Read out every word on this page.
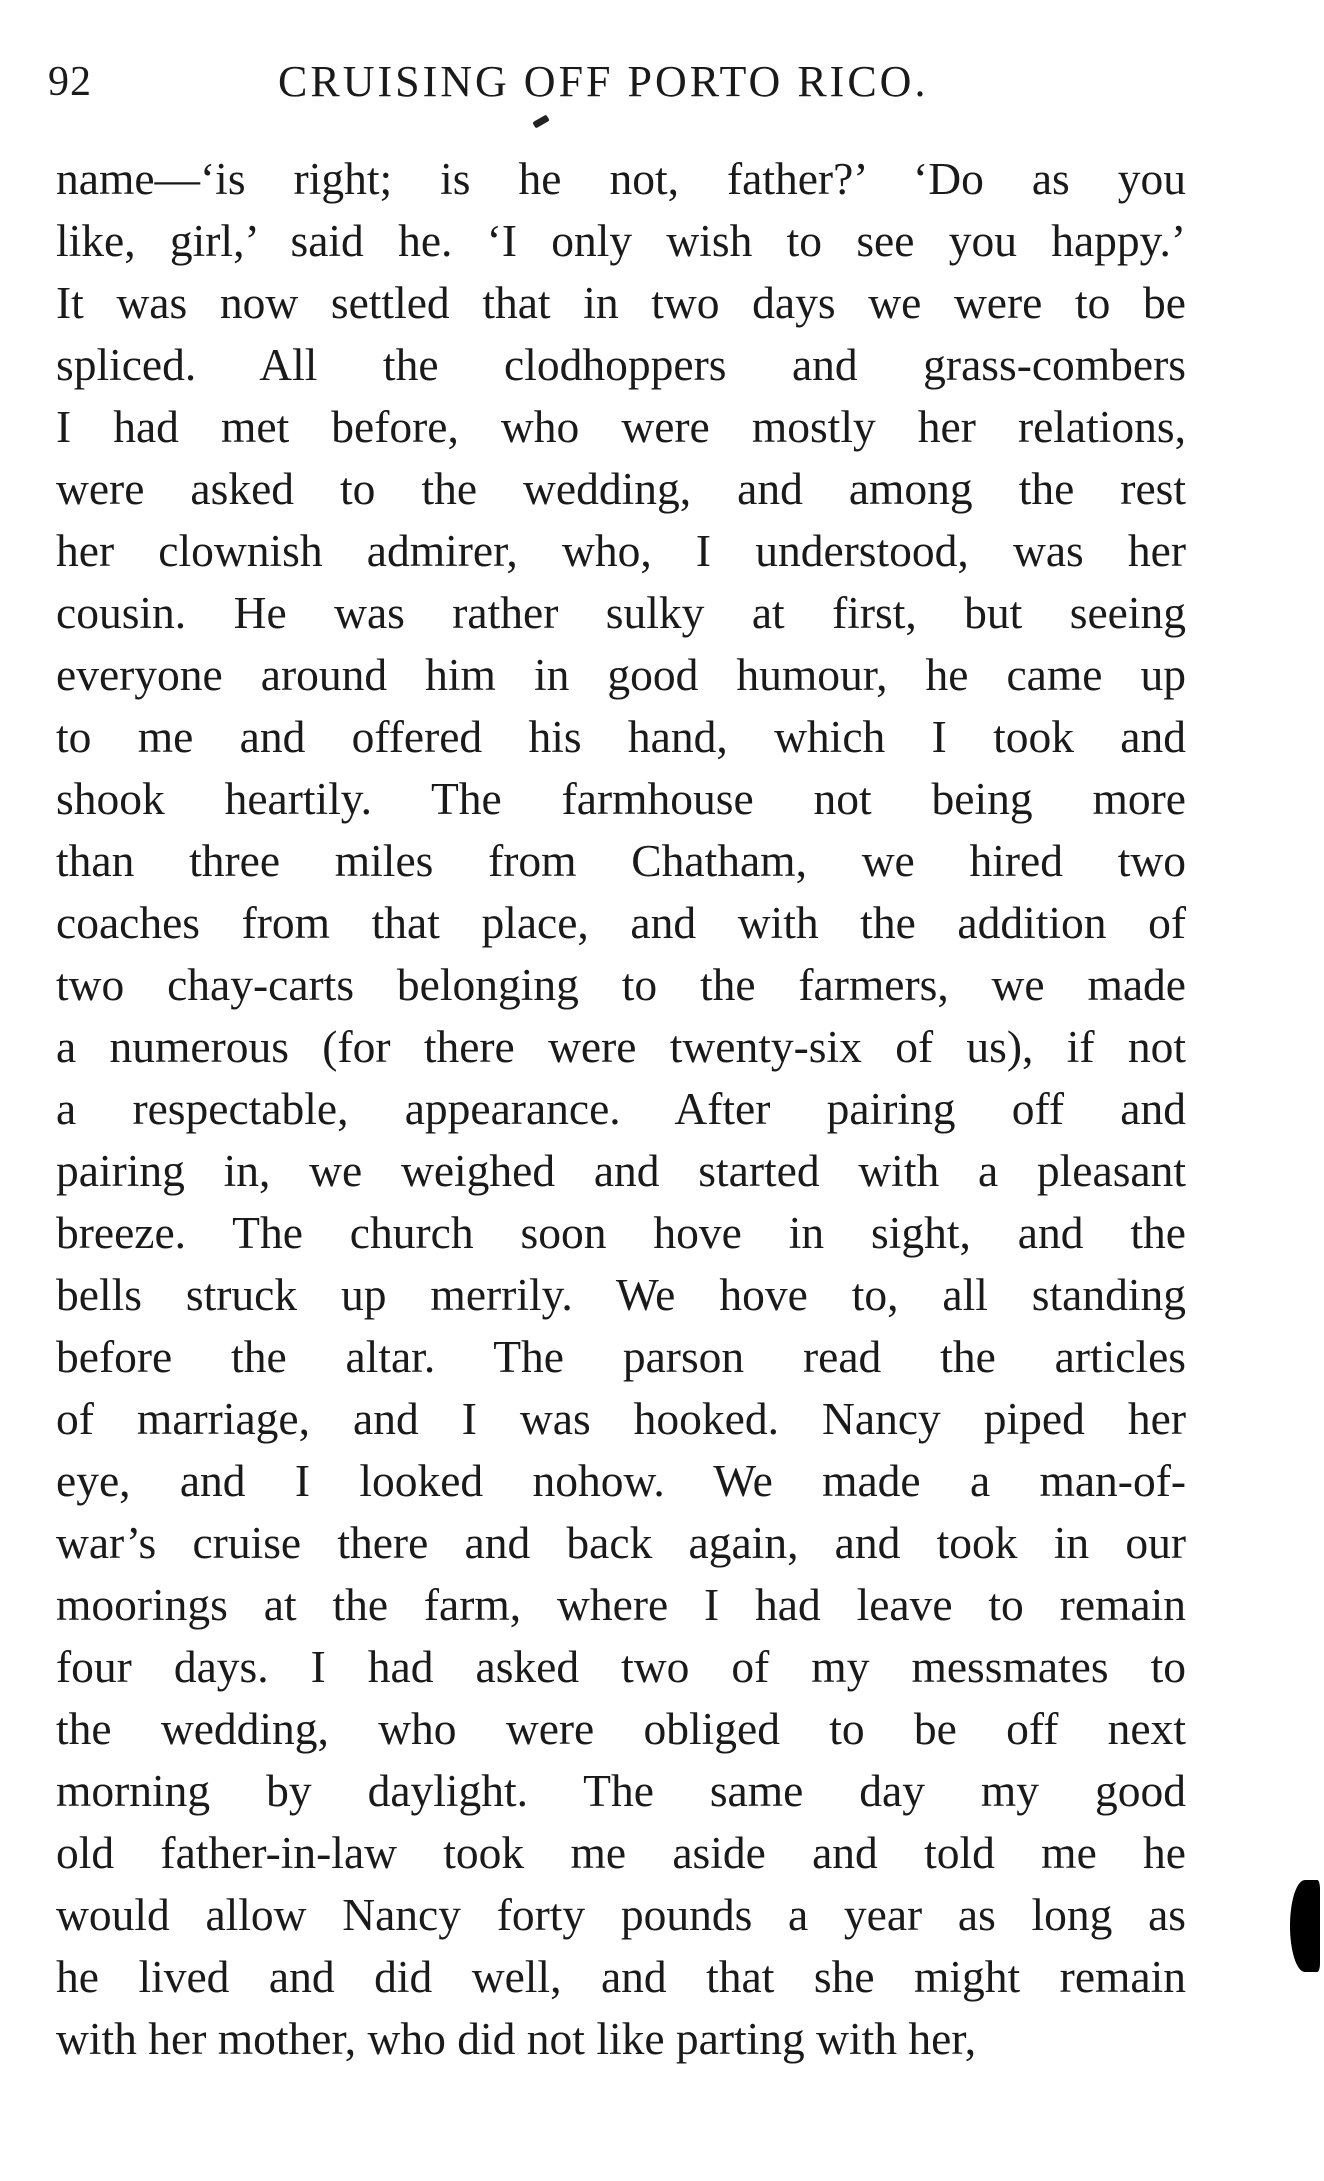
92	CRUISING OFF PORTO RICO.
name—‘is right; is he not, father?’ ‘Do as you
like, girl,’ said he. ‘I only wish to see you happy.’
It was now settled that in two days we were to be
spliced. All the clodhoppers and grass-combers
I had met before, who were mostly her relations,
were asked to the wedding, and among the rest
her clownish admirer, who, I understood, was her
cousin. He was rather sulky at first, but seeing
everyone around him in good humour, he came up
to me and offered his hand, which I took and
shook heartily. The farmhouse not being more
than three miles from Chatham, we hired two
coaches from that place, and with the addition of
two chay-carts belonging to the farmers, we made
a numerous (for there were twenty-six of us), if not
a respectable, appearance. After pairing off and
pairing in, we weighed and started with a pleasant
breeze. The church soon hove in sight, and the
bells struck up merrily. We hove to, all standing
before the altar. The parson read the articles
of marriage, and I was hooked. Nancy piped her
eye, and I looked nohow. We made a man-of-
war’s cruise there and back again, and took in our
moorings at the farm, where I had leave to remain
four days. I had asked two of my messmates to
the wedding, who were obliged to be off next
morning by daylight. The same day my good
old father-in-law took me aside and told me he
would allow Nancy forty pounds a year as long as
he lived and did well, and that she might remain
with her mother, who did not like parting with her,
